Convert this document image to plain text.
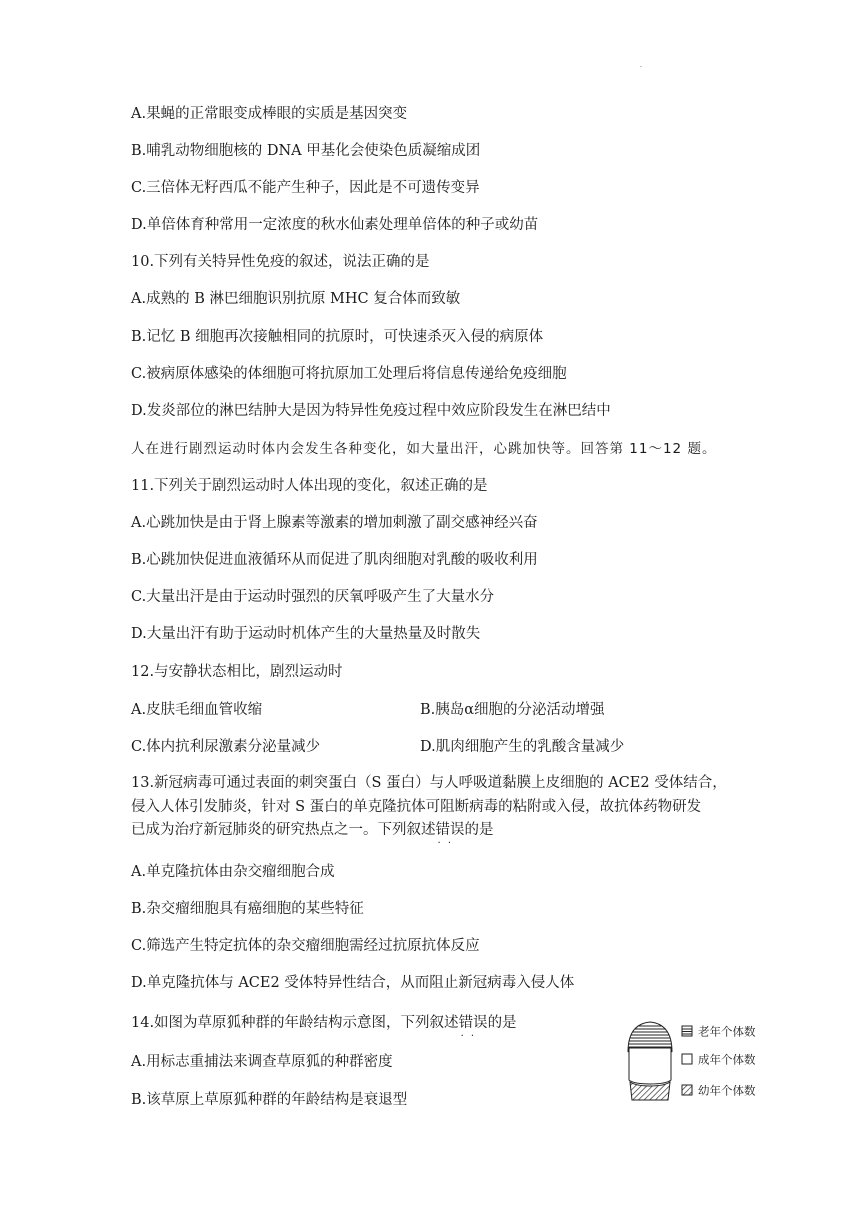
.
A.果蝇的正常眼变成棒眼的实质是基因突变
B.哺乳动物细胞核的 DNA 甲基化会使染色质凝缩成团
C.三倍体无籽西瓜不能产生种子，因此是不可遗传变异
D.单倍体育种常用一定浓度的秋水仙素处理单倍体的种子或幼苗
10.下列有关特异性免疫的叙述，说法正确的是
A.成熟的 B 淋巴细胞识别抗原 MHC 复合体而致敏
B.记忆 B 细胞再次接触相同的抗原时，可快速杀灭入侵的病原体
C.被病原体感染的体细胞可将抗原加工处理后将信息传递给免疫细胞
D.发炎部位的淋巴结肿大是因为特异性免疫过程中效应阶段发生在淋巴结中
人在进行剧烈运动时体内会发生各种变化，如大量出汗，心跳加快等。回答第 11～12 题。
11.下列关于剧烈运动时人体出现的变化，叙述正确的是
A.心跳加快是由于肾上腺素等激素的增加刺激了副交感神经兴奋
B.心跳加快促进血液循环从而促进了肌肉细胞对乳酸的吸收利用
C.大量出汗是由于运动时强烈的厌氧呼吸产生了大量水分
D.大量出汗有助于运动时机体产生的大量热量及时散失
12.与安静状态相比，剧烈运动时
A.皮肤毛细血管收缩	B.胰岛α细胞的分泌活动增强
C.体内抗利尿激素分泌量减少	D.肌肉细胞产生的乳酸含量减少
13.新冠病毒可通过表面的刺突蛋白（S 蛋白）与人呼吸道黏膜上皮细胞的 ACE2 受体结合，
侵入人体引发肺炎，针对 S 蛋白的单克隆抗体可阻断病毒的粘附或入侵，故抗体药物研发
已成为治疗新冠肺炎的研究热点之一。下列叙述错误 · ·的是
A.单克隆抗体由杂交瘤细胞合成
B.杂交瘤细胞具有癌细胞的某些特征
C.筛选产生特定抗体的杂交瘤细胞需经过抗原抗体反应
D.单克隆抗体与 ACE2 受体特异性结合，从而阻止新冠病毒入侵人体
14.如图为草原狐种群的年龄结构示意图，下列叙述错误 · ·的是
A.用标志重捕法来调查草原狐的种群密度
B.该草原上草原狐种群的年龄结构是衰退型
老年个体数
成年个体数
幼年个体数
